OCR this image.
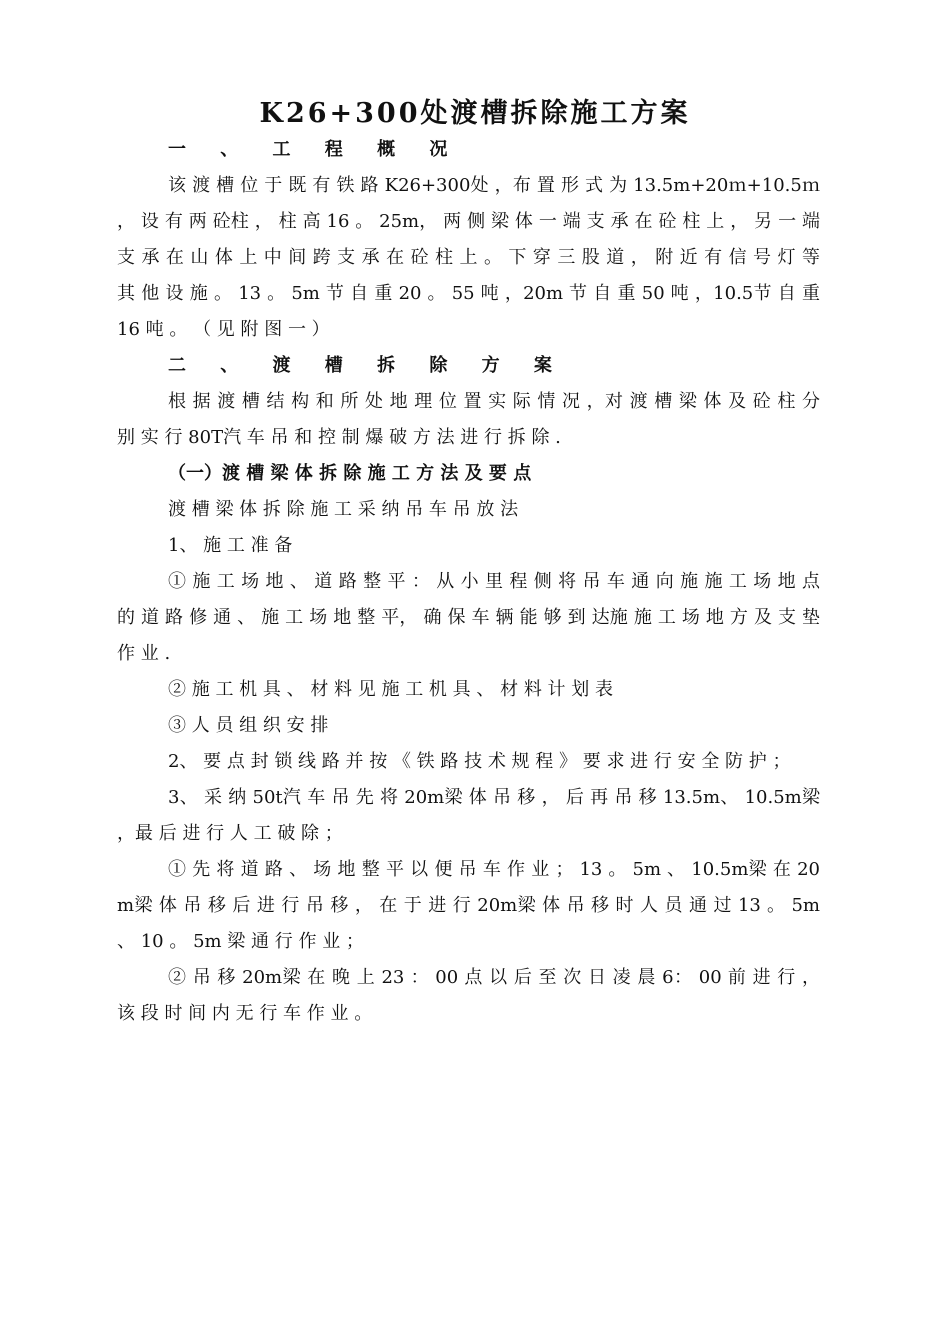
K26+300处渡槽拆除施工方案

一 、 工 程 概 况

该 渡 槽 位 于 既 有 铁 路 K26+300处 ，布 置 形 式 为 13.5m+20ｍ+10.5ｍ ， 设 有 两 砼柱 ， 柱 高 16 。 25m， 两 侧 梁 体 一 端 支 承 在 砼 柱 上 ， 另 一 端 支 承 在 山 体 上 中 间 跨 支 承 在 砼 柱 上 。 下 穿 三 股 道 ， 附 近 有 信 号 灯 等 其 他 设 施 。 13 。 5m 节 自 重 20 。 55 吨 ，20m 节 自 重 50 吨 ，10.5节 自 重 16 吨 。 （ 见 附 图 一 ）

二 、 渡 槽 拆 除 方 案

根 据 渡 槽 结 构 和 所 处 地 理 位 置 实 际 情 况 ，对 渡 槽 梁 体 及 砼 柱 分 别 实 行 80T汽 车 吊 和 控 制 爆 破 方 法 进 行 拆 除 .

（一）渡 槽 梁 体 拆 除 施 工 方 法 及 要 点

渡 槽 梁 体 拆 除 施 工 采 纳 吊 车 吊 放 法

1、 施 工 准 备

① 施 工 场 地 、 道 路 整 平 ： 从 小 里 程 侧 将 吊 车 通 向 施 施 工 场 地 点 的 道 路 修 通 、 施 工 场 地 整 平， 确 保 车 辆 能 够 到 达施 施 工 场 地 方 及 支 垫 作 业 .

② 施 工 机 具 、 材 料 见 施 工 机 具 、 材 料 计 划 表

③ 人 员 组 织 安 排

2、 要 点 封 锁 线 路 并 按 《 铁 路 技 术 规 程 》 要 求 进 行 安 全 防 护 ；

3、 采 纳 50t汽 车 吊 先 将 20m梁 体 吊 移 ， 后 再 吊 移 13.5m、 10.5m梁 ，最 后 进 行 人 工 破 除 ；

① 先 将 道 路 、 场 地 整 平 以 便 吊 车 作 业 ； 13 。 5m 、 10.5m梁 在 20m梁 体 吊 移 后 进 行 吊 移 ， 在 于 进 行 20m梁 体 吊 移 时 人 员 通 过 13 。 5m 、 10 。 5m 梁 通 行 作 业 ；

② 吊 移 20m梁 在 晚 上 23 ： 00 点 以 后 至 次 日 凌 晨 6： 00 前 进 行 ， 该 段 时 间 内 无 行 车 作 业 。
